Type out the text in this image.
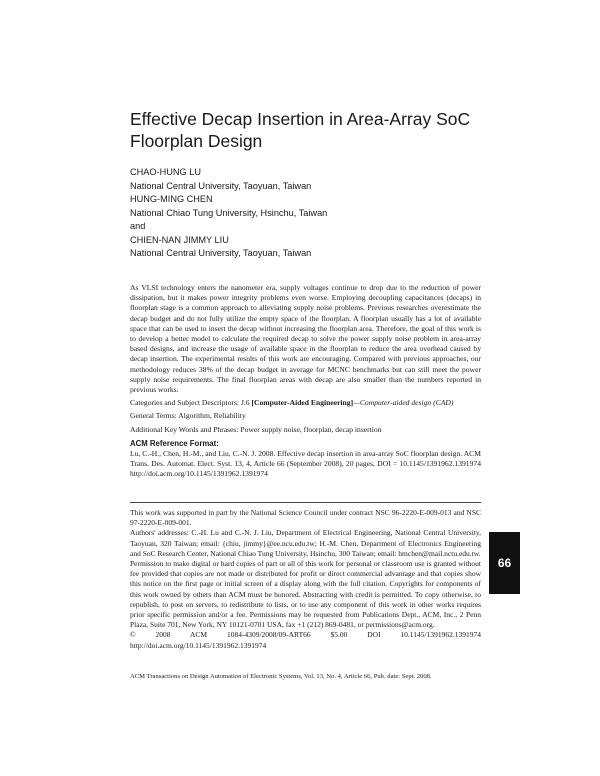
Effective Decap Insertion in Area-Array SoC Floorplan Design
CHAO-HUNG LU
National Central University, Taoyuan, Taiwan
HUNG-MING CHEN
National Chiao Tung University, Hsinchu, Taiwan
and
CHIEN-NAN JIMMY LIU
National Central University, Taoyuan, Taiwan

As VLSI technology enters the nanometer era, supply voltages continue to drop due to the reduction of power dissipation, but it makes power integrity problems even worse. Employing decoupling capacitances (decaps) in floorplan stage is a common approach to alleviating supply noise problems. Previous researches overestimate the decap budget and do not fully utilize the empty space of the floorplan. A floorplan usually has a lot of available space that can be used to insert the decap without increasing the floorplan area. Therefore, the goal of this work is to develop a better model to calculate the required decap to solve the power supply noise problem in area-array based designs, and increase the usage of available space in the floorplan to reduce the area overhead caused by decap insertion. The experimental results of this work are encouraging. Compared with previous approaches, our methodology reduces 38% of the decap budget in average for MCNC benchmarks but can still meet the power supply noise requirements. The final floorplan areas with decap are also smaller than the numbers reported in previous works.

Categories and Subject Descriptors: J.6 [Computer-Aided Engineering]—Computer-aided design (CAD)

General Terms: Algorithm, Reliability

Additional Key Words and Phrases: Power supply noise, floorplan, decap insertion

ACM Reference Format:

Lu, C.-H., Chen, H.-M., and Liu, C.-N. J. 2008. Effective decap insertion in area-array SoC floorplan design. ACM Trans. Des. Automat. Elect. Syst. 13, 4, Article 66 (September 2008), 20 pages, DOI = 10.1145/1391962.1391974 http://doi.acm.org/10.1145/1391962.1391974

This work was supported in part by the National Science Council under contract NSC 96-2220-E-009-013 and NSC 97-2220-E-009-001.

Authors' addresses: C.-H. Lu and C.-N. J. Liu, Department of Electrical Engineering, National Central University, Taoyuan, 320 Taiwan; email: {chiu, jimmy}@ee.ncu.edu.tw; H.-M. Chen, Department of Electronics Engineering and SoC Research Center, National Chiao Tung University, Hsinchu, 300 Taiwan; email: hmchen@mail.nctu.edu.tw.

Permission to make digital or hard copies of part or all of this work for personal or classroom use is granted without fee provided that copies are not made or distributed for profit or direct commercial advantage and that copies show this notice on the first page or initial screen of a display along with the full citation. Copyrights for components of this work owned by others than ACM must be honored. Abstracting with credit is permitted. To copy otherwise, to republish, to post on servers, to redistribute to lists, or to use any component of this work in other works requires prior specific permission and/or a fee. Permissions may be requested from Publications Dept., ACM, Inc., 2 Penn Plaza, Suite 701, New York, NY 10121-0701 USA, fax +1 (212) 869-0481, or permissions@acm.org.

© 2008 ACM 1084-4309/2008/09-ART66 $5.00 DOI 10.1145/1391962.1391974 http://doi.acm.org/10.1145/1391962.1391974

66
ACM Transactions on Design Automation of Electronic Systems, Vol. 13, No. 4, Article 66, Pub. date: Sept. 2008.
